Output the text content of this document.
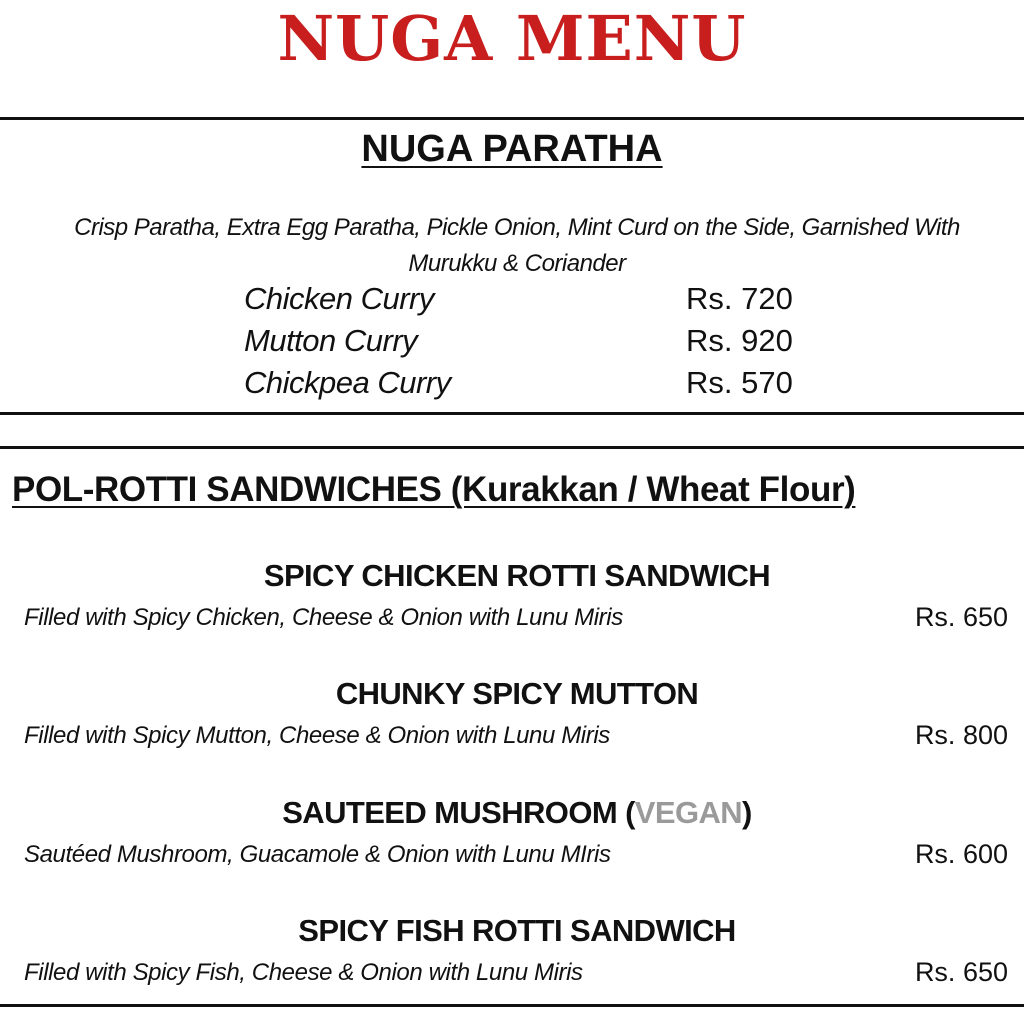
NUGA MENU
NUGA PARATHA
Crisp Paratha, Extra Egg Paratha, Pickle Onion, Mint Curd on the Side, Garnished With Murukku & Coriander
Chicken Curry	Rs. 720
Mutton Curry	Rs. 920
Chickpea Curry	Rs. 570
POL-ROTTI SANDWICHES (Kurakkan / Wheat Flour)
SPICY CHICKEN ROTTI SANDWICH
Filled with Spicy Chicken, Cheese & Onion with Lunu Miris	Rs. 650
CHUNKY SPICY MUTTON
Filled with Spicy Mutton, Cheese & Onion with Lunu Miris	Rs. 800
SAUTEED MUSHROOM (VEGAN)
Sautéed Mushroom, Guacamole & Onion with Lunu MIris	Rs. 600
SPICY FISH ROTTI SANDWICH
Filled with Spicy Fish, Cheese & Onion with Lunu Miris	Rs. 650
